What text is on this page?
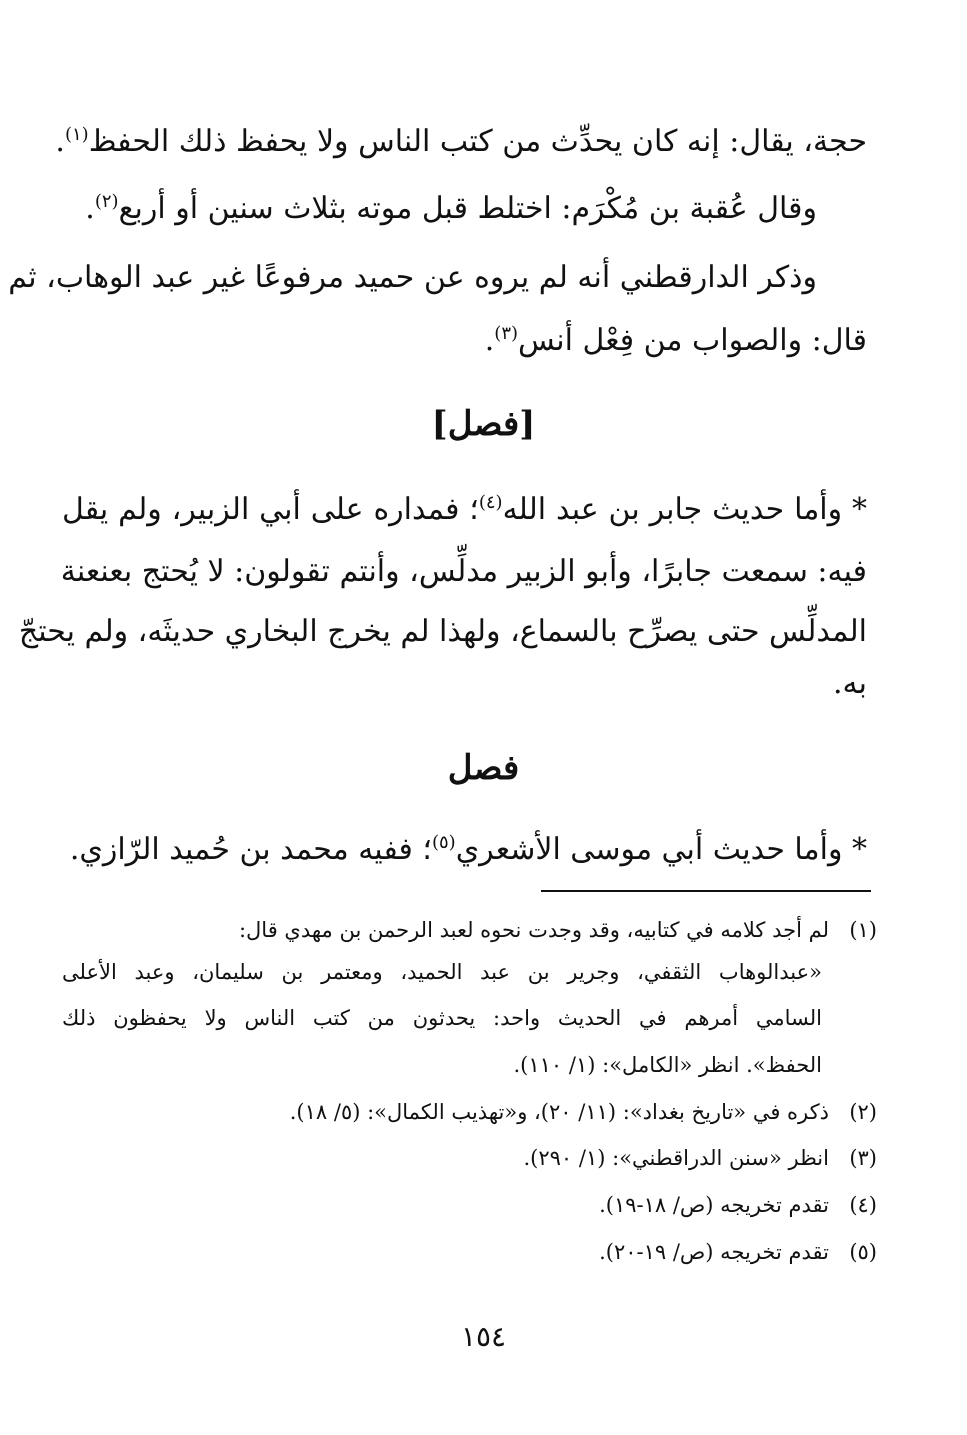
حجة، يقال: إنه كان يحدِّث من كتب الناس ولا يحفظ ذلك الحفظ$^{(١)}$.
وقال عُقبة بن مُكْرَم: اختلط قبل موته بثلاث سنين أو أربع$^{(٢)}$.
وذكر الدارقطني أنه لم يروه عن حميد مرفوعًا غير عبد الوهاب، ثم
قال: والصواب من فِعْل أنس$^{(٣)}$.
[فصل]
* وأما حديث جابر بن عبد الله$^{(٤)}$؛ فمداره على أبي الزبير، ولم يقل
فيه: سمعت جابرًا، وأبو الزبير مدلِّس، وأنتم تقولون: لا يُحتج بعنعنة
المدلِّس حتى يصرِّح بالسماع، ولهذا لم يخرج البخاري حديثَه، ولم يحتجّ
به.
فصل
* وأما حديث أبي موسى الأشعري$^{(٥)}$؛ ففيه محمد بن حُميد الرّازي.
(١)لم أجد كلامه في كتابيه، وقد وجدت نحوه لعبد الرحمن بن مهدي قال:
«عبدالوهاب الثقفي، وجرير بن عبد الحميد، ومعتمر بن سليمان، وعبد الأعلى
السامي أمرهم في الحديث واحد: يحدثون من كتب الناس ولا يحفظون ذلك
الحفظ». انظر «الكامل»: (١/ ١١٠).
(٢)ذكره في «تاريخ بغداد»: (١١/ ٢٠)، و«تهذيب الكمال»: (٥/ ١٨).
(٣)انظر «سنن الدراقطني»: (١/ ٢٩٠).
(٤)تقدم تخريجه (ص/ ١٨-١٩).
(٥)تقدم تخريجه (ص/ ١٩-٢٠).
١٥٤
